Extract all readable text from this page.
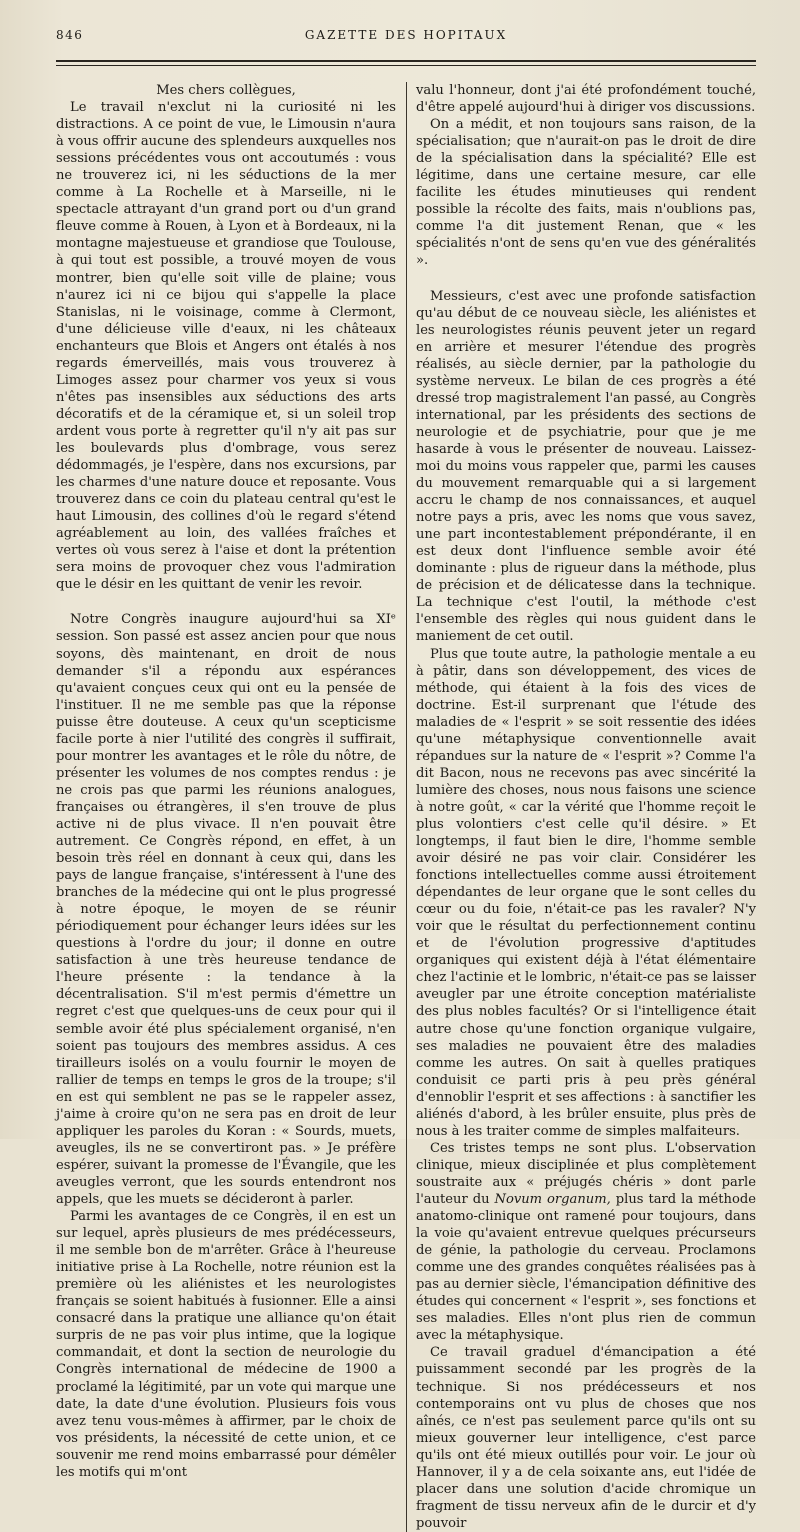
846	GAZETTE DES HOPITAUX

Mes chers collègues,

Le travail n'exclut ni la curiosité ni les distractions. A ce point de vue, le Limousin n'aura à vous offrir aucune des splendeurs auxquelles nos sessions précédentes vous ont accoutumés : vous ne trouverez ici, ni les séductions de la mer comme à La Rochelle et à Marseille, ni le spectacle attrayant d'un grand port ou d'un grand fleuve comme à Rouen, à Lyon et à Bordeaux, ni la montagne majestueuse et grandiose que Toulouse, à qui tout est possible, a trouvé moyen de vous montrer, bien qu'elle soit ville de plaine; vous n'aurez ici ni ce bijou qui s'appelle la place Stanislas, ni le voisinage, comme à Clermont, d'une délicieuse ville d'eaux, ni les châteaux enchanteurs que Blois et Angers ont étalés à nos regards émerveillés, mais vous trouverez à Limoges assez pour charmer vos yeux si vous n'êtes pas insensibles aux séductions des arts décoratifs et de la céramique et, si un soleil trop ardent vous porte à regretter qu'il n'y ait pas sur les boulevards plus d'ombrage, vous serez dédommagés, je l'espère, dans nos excursions, par les charmes d'une nature douce et reposante. Vous trouverez dans ce coin du plateau central qu'est le haut Limousin, des collines d'où le regard s'étend agréablement au loin, des vallées fraîches et vertes où vous serez à l'aise et dont la prétention sera moins de provoquer chez vous l'admiration que le désir en les quittant de venir les revoir.

Notre Congrès inaugure aujourd'hui sa XIᵉ session. Son passé est assez ancien pour que nous soyons, dès maintenant, en droit de nous demander s'il a répondu aux espérances qu'avaient conçues ceux qui ont eu la pensée de l'instituer. Il ne me semble pas que la réponse puisse être douteuse. A ceux qu'un scepticisme facile porte à nier l'utilité des congrès il suffirait, pour montrer les avantages et le rôle du nôtre, de présenter les volumes de nos comptes rendus : je ne crois pas que parmi les réunions analogues, françaises ou étrangères, il s'en trouve de plus active ni de plus vivace. Il n'en pouvait être autrement. Ce Congrès répond, en effet, à un besoin très réel en donnant à ceux qui, dans les pays de langue française, s'intéressent à l'une des branches de la médecine qui ont le plus progressé à notre époque, le moyen de se réunir périodiquement pour échanger leurs idées sur les questions à l'ordre du jour; il donne en outre satisfaction à une très heureuse tendance de l'heure présente : la tendance à la décentralisation. S'il m'est permis d'émettre un regret c'est que quelques-uns de ceux pour qui il semble avoir été plus spécialement organisé, n'en soient pas toujours des membres assidus. A ces tirailleurs isolés on a voulu fournir le moyen de rallier de temps en temps le gros de la troupe; s'il en est qui semblent ne pas se le rappeler assez, j'aime à croire qu'on ne sera pas en droit de leur appliquer les paroles du Koran : « Sourds, muets, aveugles, ils ne se convertiront pas. » Je préfère espérer, suivant la promesse de l'Évangile, que les aveugles verront, que les sourds entendront nos appels, que les muets se décideront à parler.

Parmi les avantages de ce Congrès, il en est un sur lequel, après plusieurs de mes prédécesseurs, il me semble bon de m'arrêter. Grâce à l'heureuse initiative prise à La Rochelle, notre réunion est la première où les aliénistes et les neurologistes français se soient habitués à fusionner. Elle a ainsi consacré dans la pratique une alliance qu'on était surpris de ne pas voir plus intime, que la logique commandait, et dont la section de neurologie du Congrès international de médecine de 1900 a proclamé la légitimité, par un vote qui marque une date, la date d'une évolution. Plusieurs fois vous avez tenu vous-mêmes à affirmer, par le choix de vos présidents, la nécessité de cette union, et ce souvenir me rend moins embarrassé pour démêler les motifs qui m'ont

valu l'honneur, dont j'ai été profondément touché, d'être appelé aujourd'hui à diriger vos discussions.

On a médit, et non toujours sans raison, de la spécialisation; que n'aurait-on pas le droit de dire de la spécialisation dans la spécialité? Elle est légitime, dans une certaine mesure, car elle facilite les études minutieuses qui rendent possible la récolte des faits, mais n'oublions pas, comme l'a dit justement Renan, que « les spécialités n'ont de sens qu'en vue des généralités ».

Messieurs, c'est avec une profonde satisfaction qu'au début de ce nouveau siècle, les aliénistes et les neurologistes réunis peuvent jeter un regard en arrière et mesurer l'étendue des progrès réalisés, au siècle dernier, par la pathologie du système nerveux. Le bilan de ces progrès a été dressé trop magistralement l'an passé, au Congrès international, par les présidents des sections de neurologie et de psychiatrie, pour que je me hasarde à vous le présenter de nouveau. Laissez-moi du moins vous rappeler que, parmi les causes du mouvement remarquable qui a si largement accru le champ de nos connaissances, et auquel notre pays a pris, avec les noms que vous savez, une part incontestablement prépondérante, il en est deux dont l'influence semble avoir été dominante : plus de rigueur dans la méthode, plus de précision et de délicatesse dans la technique. La technique c'est l'outil, la méthode c'est l'ensemble des règles qui nous guident dans le maniement de cet outil.

Plus que toute autre, la pathologie mentale a eu à pâtir, dans son développement, des vices de méthode, qui étaient à la fois des vices de doctrine. Est-il surprenant que l'étude des maladies de « l'esprit » se soit ressentie des idées qu'une métaphysique conventionnelle avait répandues sur la nature de « l'esprit »? Comme l'a dit Bacon, nous ne recevons pas avec sincérité la lumière des choses, nous nous faisons une science à notre goût, « car la vérité que l'homme reçoit le plus volontiers c'est celle qu'il désire. » Et longtemps, il faut bien le dire, l'homme semble avoir désiré ne pas voir clair. Considérer les fonctions intellectuelles comme aussi étroitement dépendantes de leur organe que le sont celles du cœur ou du foie, n'était-ce pas les ravaler? N'y voir que le résultat du perfectionnement continu et de l'évolution progressive d'aptitudes organiques qui existent déjà à l'état élémentaire chez l'actinie et le lombric, n'était-ce pas se laisser aveugler par une étroite conception matérialiste des plus nobles facultés? Or si l'intelligence était autre chose qu'une fonction organique vulgaire, ses maladies ne pouvaient être des maladies comme les autres. On sait à quelles pratiques conduisit ce parti pris à peu près général d'ennoblir l'esprit et ses affections : à sanctifier les aliénés d'abord, à les brûler ensuite, plus près de nous à les traiter comme de simples malfaiteurs.

Ces tristes temps ne sont plus. L'observation clinique, mieux disciplinée et plus complètement soustraite aux « préjugés chéris » dont parle l'auteur du Novum organum, plus tard la méthode anatomo-clinique ont ramené pour toujours, dans la voie qu'avaient entrevue quelques précurseurs de génie, la pathologie du cerveau. Proclamons comme une des grandes conquêtes réalisées pas à pas au dernier siècle, l'émancipation définitive des études qui concernent « l'esprit », ses fonctions et ses maladies. Elles n'ont plus rien de commun avec la métaphysique.

Ce travail graduel d'émancipation a été puissamment secondé par les progrès de la technique. Si nos prédécesseurs et nos contemporains ont vu plus de choses que nos aînés, ce n'est pas seulement parce qu'ils ont su mieux gouverner leur intelligence, c'est parce qu'ils ont été mieux outillés pour voir. Le jour où Hannover, il y a de cela soixante ans, eut l'idée de placer dans une solution d'acide chromique un fragment de tissu nerveux afin de le durcir et d'y pouvoir
